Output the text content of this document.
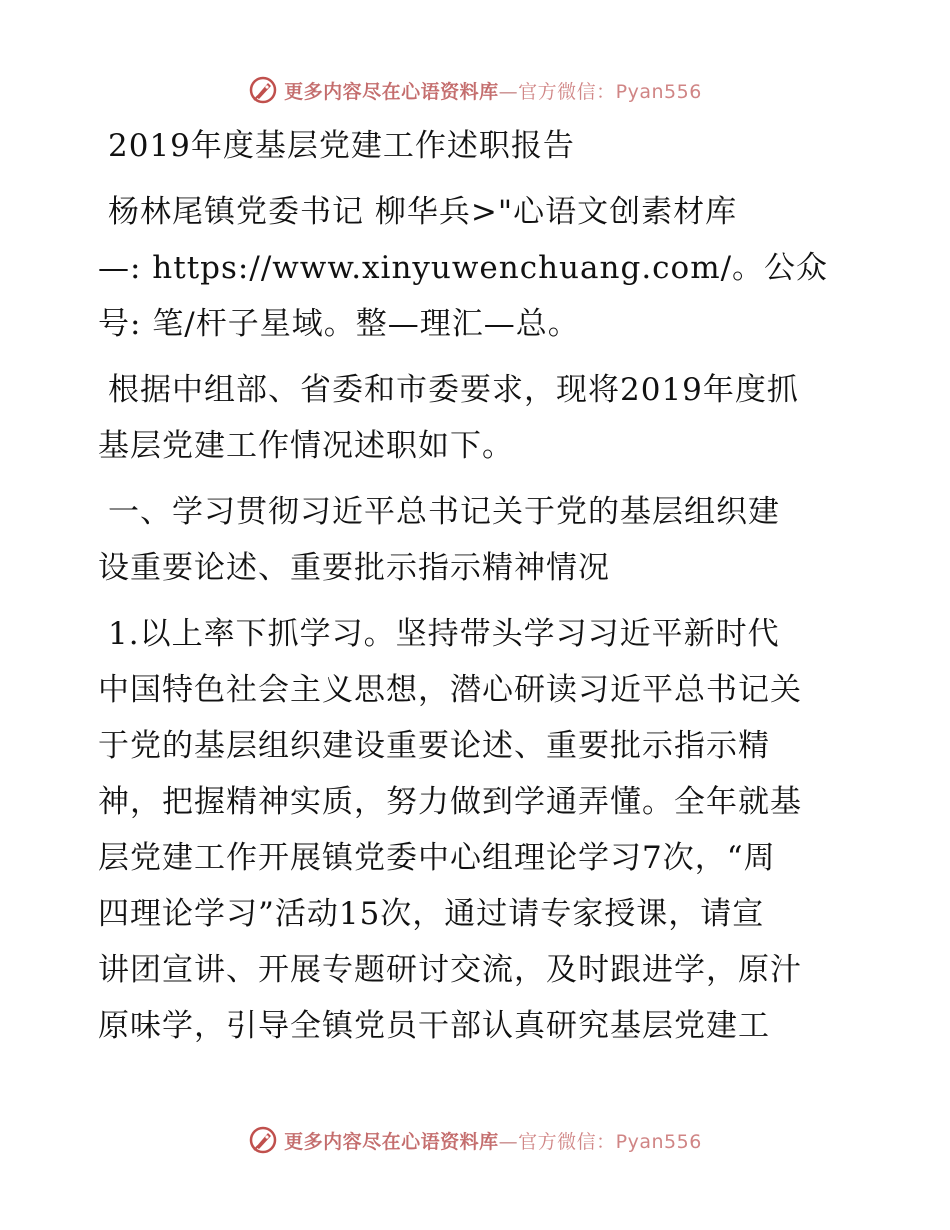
更多内容尽在心语资料库—官方微信：Pyan556

2019年度基层党建工作述职报告

杨林尾镇党委书记 柳华兵>"心语文创素材库

—: https://www.xinyuwenchuang.com/。公众

号: 笔/杆子星域。整—理汇—总。

根据中组部、省委和市委要求，现将2019年度抓

基层党建工作情况述职如下。

一、学习贯彻习近平总书记关于党的基层组织建

设重要论述、重要批示指示精神情况

1.以上率下抓学习。坚持带头学习习近平新时代

中国特色社会主义思想，潜心研读习近平总书记关

于党的基层组织建设重要论述、重要批示指示精

神，把握精神实质，努力做到学通弄懂。全年就基

层党建工作开展镇党委中心组理论学习7次，“周

四理论学习”活动15次，通过请专家授课，请宣

讲团宣讲、开展专题研讨交流，及时跟进学，原汁

原味学，引导全镇党员干部认真研究基层党建工

更多内容尽在心语资料库—官方微信：Pyan556
